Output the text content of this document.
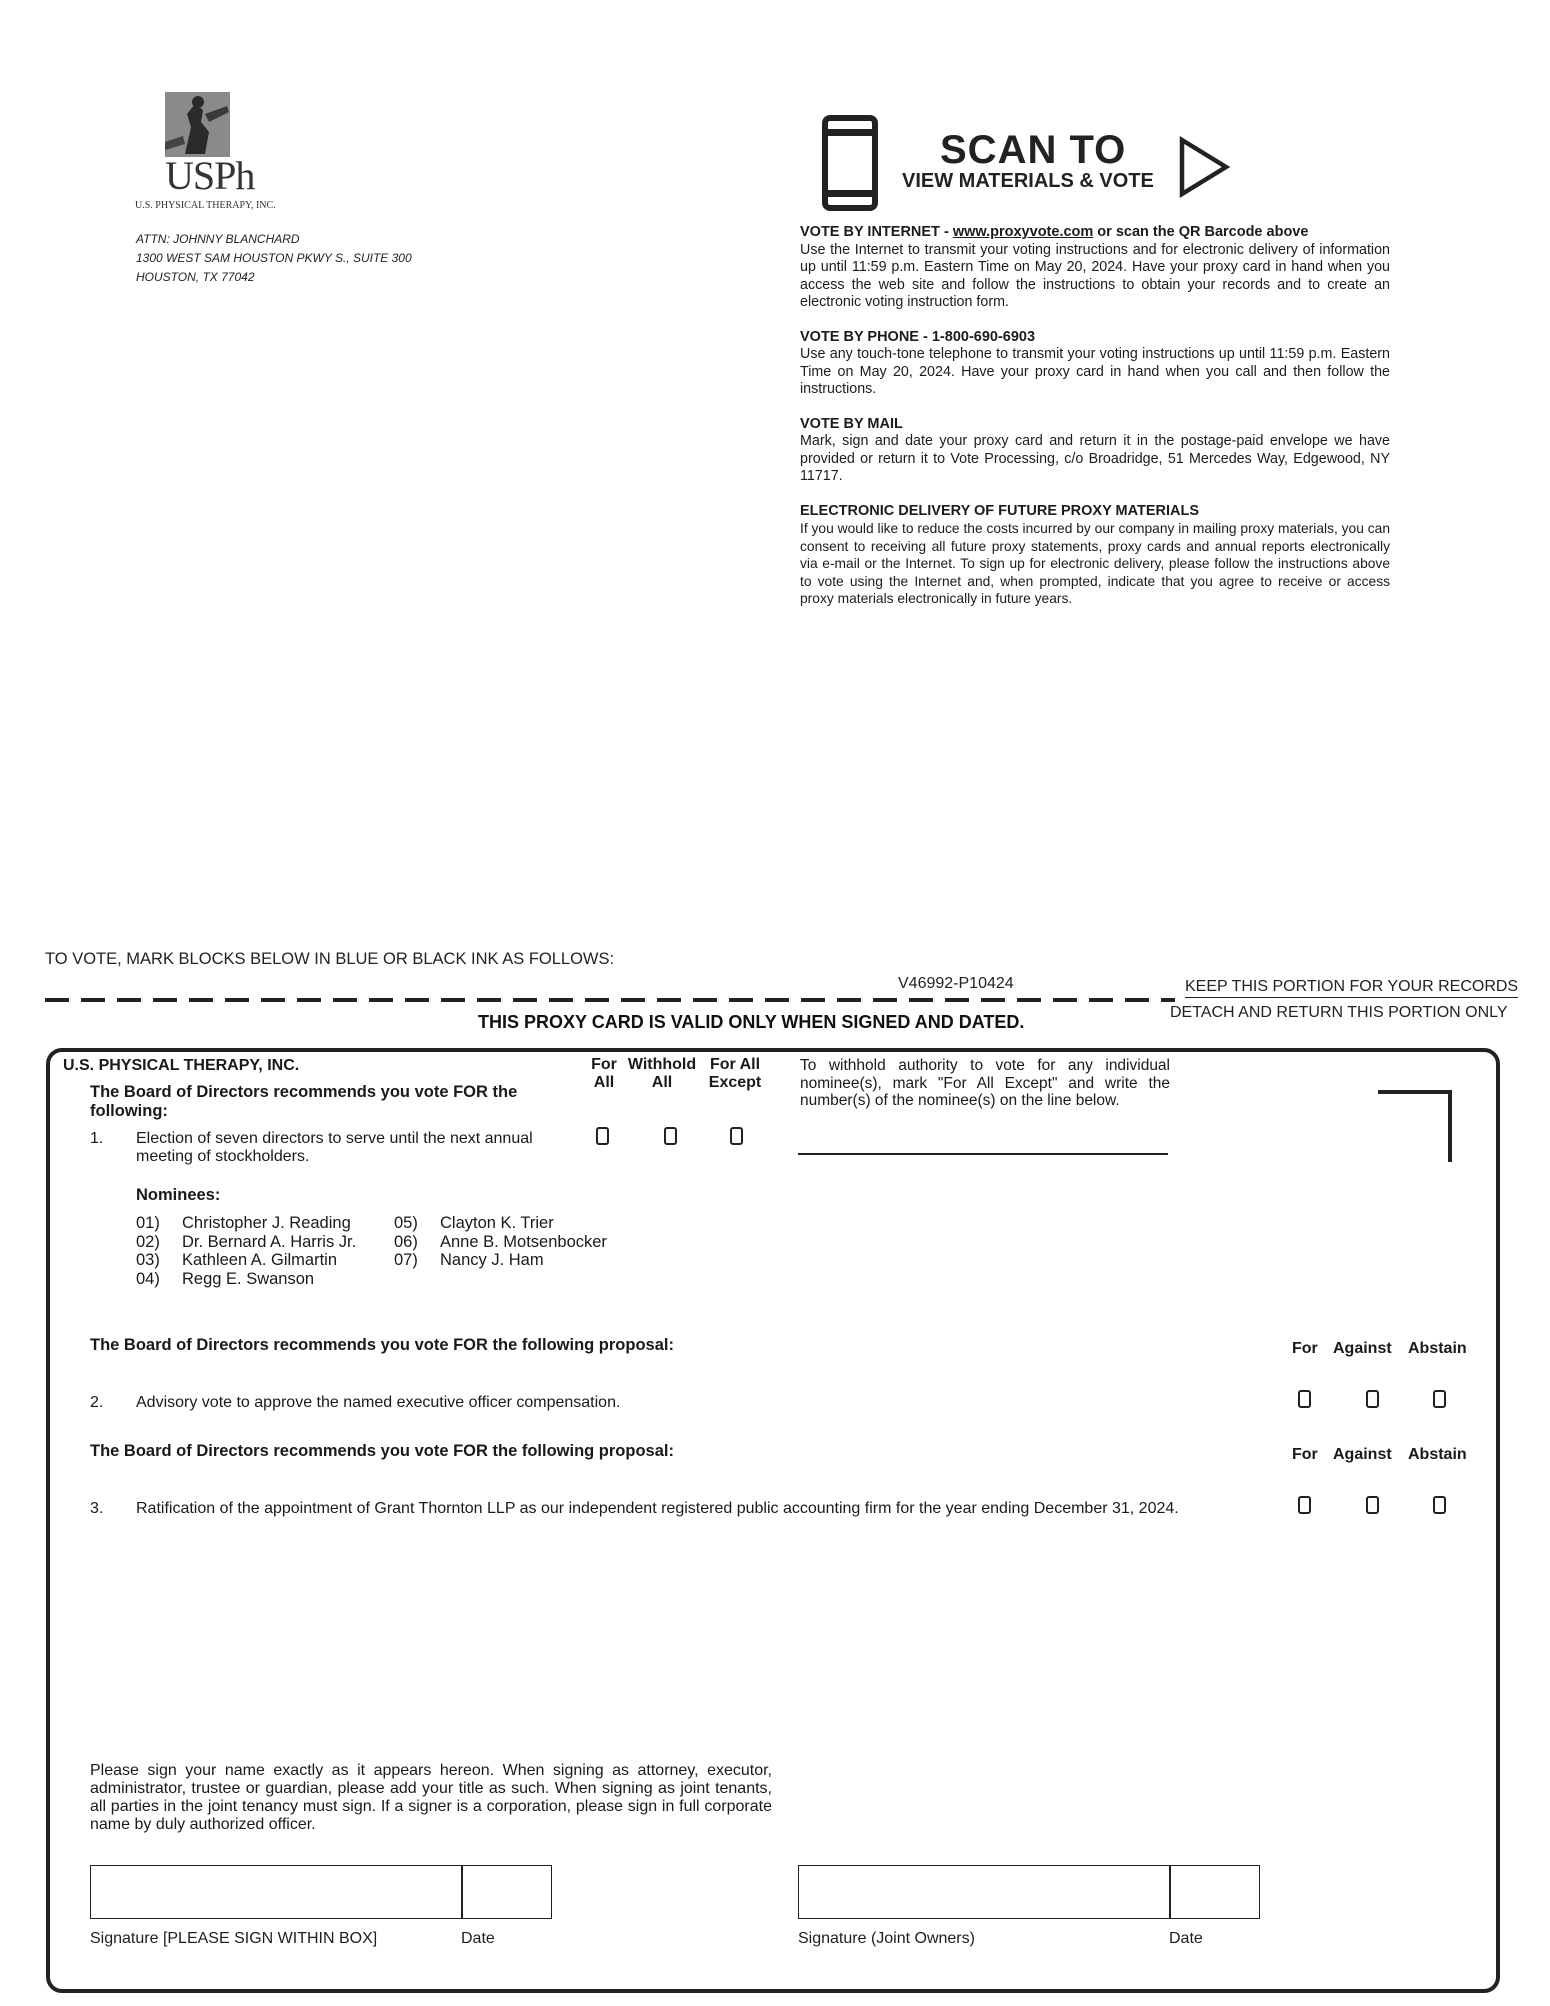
USPh
U.S. PHYSICAL THERAPY, INC.
ATTN: JOHNNY BLANCHARD
1300 WEST SAM HOUSTON PKWY S., SUITE 300
HOUSTON, TX 77042
SCAN TO
VIEW MATERIALS & VOTE
VOTE BY INTERNET - www.proxyvote.com or scan the QR Barcode above

Use the Internet to transmit your voting instructions and for electronic delivery of information up until 11:59 p.m. Eastern Time on May 20, 2024. Have your proxy card in hand when you access the web site and follow the instructions to obtain your records and to create an electronic voting instruction form.

VOTE BY PHONE - 1-800-690-6903

Use any touch-tone telephone to transmit your voting instructions up until 11:59 p.m. Eastern Time on May 20, 2024. Have your proxy card in hand when you call and then follow the instructions.

VOTE BY MAIL

Mark, sign and date your proxy card and return it in the postage-paid envelope we have provided or return it to Vote Processing, c/o Broadridge, 51 Mercedes Way, Edgewood, NY 11717.

ELECTRONIC DELIVERY OF FUTURE PROXY MATERIALS

If you would like to reduce the costs incurred by our company in mailing proxy materials, you can consent to receiving all future proxy statements, proxy cards and annual reports electronically via e-mail or the Internet. To sign up for electronic delivery, please follow the instructions above to vote using the Internet and, when prompted, indicate that you agree to receive or access proxy materials electronically in future years.

TO VOTE, MARK BLOCKS BELOW IN BLUE OR BLACK INK AS FOLLOWS:
V46992-P10424	KEEP THIS PORTION FOR YOUR RECORDS
DETACH AND RETURN THIS PORTION ONLY
THIS PROXY CARD IS VALID ONLY WHEN SIGNED AND DATED.
U.S. PHYSICAL THERAPY, INC.
The Board of Directors recommends you vote FOR the following:
For
All
Withhold
All
For All
Except
1. Election of seven directors to serve until the next annual meeting of stockholders.
Nominees:
01)	Christopher J. Reading
02)	Dr. Bernard A. Harris Jr.
03)	Kathleen A. Gilmartin
04)	Regg E. Swanson
05)	Clayton K. Trier
06)	Anne B. Motsenbocker
07)	Nancy J. Ham
To withhold authority to vote for any individual nominee(s), mark "For All Except" and write the number(s) of the nominee(s) on the line below.
The Board of Directors recommends you vote FOR the following proposal:	For Against Abstain
2. Advisory vote to approve the named executive officer compensation.
The Board of Directors recommends you vote FOR the following proposal:	For Against Abstain
3. Ratification of the appointment of Grant Thornton LLP as our independent registered public accounting firm for the year ending December 31, 2024.
Please sign your name exactly as it appears hereon. When signing as attorney, executor, administrator, trustee or guardian, please add your title as such. When signing as joint tenants, all parties in the joint tenancy must sign. If a signer is a corporation, please sign in full corporate name by duly authorized officer.
Signature [PLEASE SIGN WITHIN BOX]	Date	Signature (Joint Owners)	Date
